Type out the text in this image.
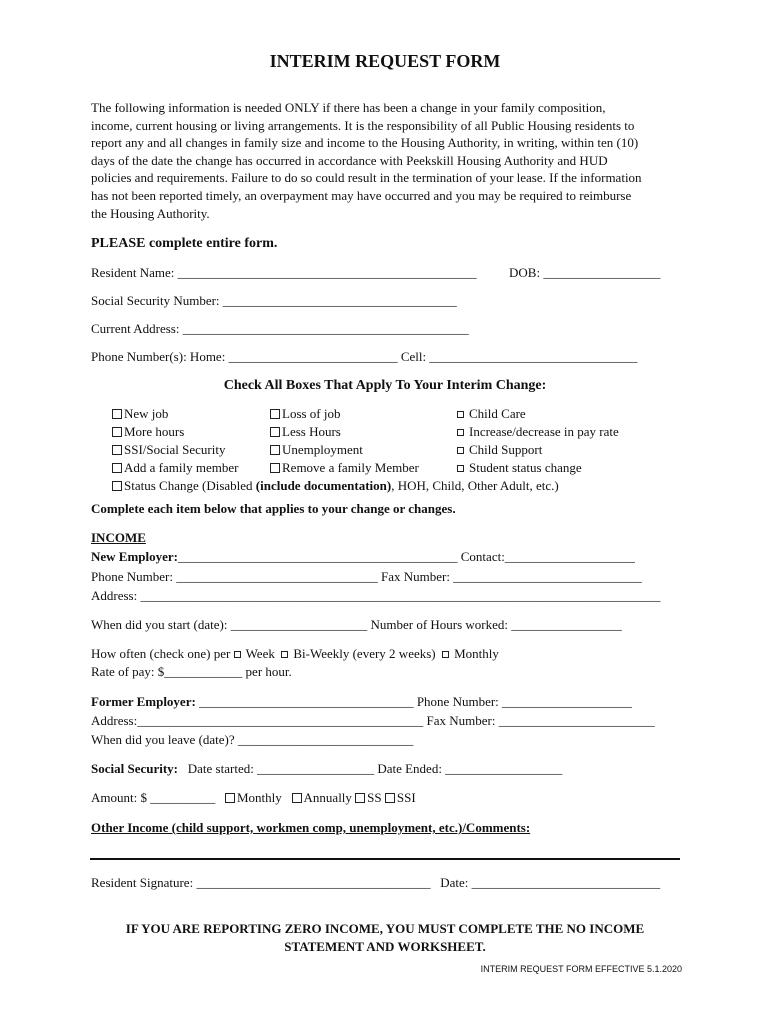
INTERIM REQUEST FORM
The following information is needed ONLY if there has been a change in your family composition,
income, current housing or living arrangements. It is the responsibility of all Public Housing residents to
report any and all changes in family size and income to the Housing Authority, in writing, within ten (10)
days of the date the change has occurred in accordance with Peekskill Housing Authority and HUD
policies and requirements. Failure to do so could result in the termination of your lease. If the information
has not been reported timely, an overpayment may have occurred and you may be required to reimburse
the Housing Authority.
PLEASE complete entire form.
Resident Name: ______________________________________________ DOB: __________________
Social Security Number: ____________________________________
Current Address: ____________________________________________
Phone Number(s): Home: __________________________ Cell: ________________________________
Check All Boxes That Apply To Your Interim Change:
New job
More hours
SSI/Social Security
Add a family member
Loss of job
Less Hours
Unemployment
Remove a family Member
Child Care
Increase/decrease in pay rate
Child Support
Student status change
Status Change (Disabled (include documentation), HOH, Child, Other Adult, etc.)
Complete each item below that applies to your change or changes.
INCOME
New Employer:___________________________________________ Contact:____________________
Phone Number: _______________________________ Fax Number: _____________________________
Address: ________________________________________________________________________________
When did you start (date): _____________________ Number of Hours worked: _________________
How often (check one) per Week Bi-Weekly (every 2 weeks) Monthly
Rate of pay: $____________ per hour.
Former Employer: _________________________________ Phone Number: ____________________
Address:____________________________________________ Fax Number: ________________________
When did you leave (date)? ___________________________
Social Security: Date started: __________________ Date Ended: __________________
Amount: $ __________ Monthly Annually SS SSI
Other Income (child support, workmen comp, unemployment, etc.)/Comments:
Resident Signature: ____________________________________ Date: _____________________________
IF YOU ARE REPORTING ZERO INCOME, YOU MUST COMPLETE THE NO INCOME
STATEMENT AND WORKSHEET.
INTERIM REQUEST FORM EFFECTIVE 5.1.2020
